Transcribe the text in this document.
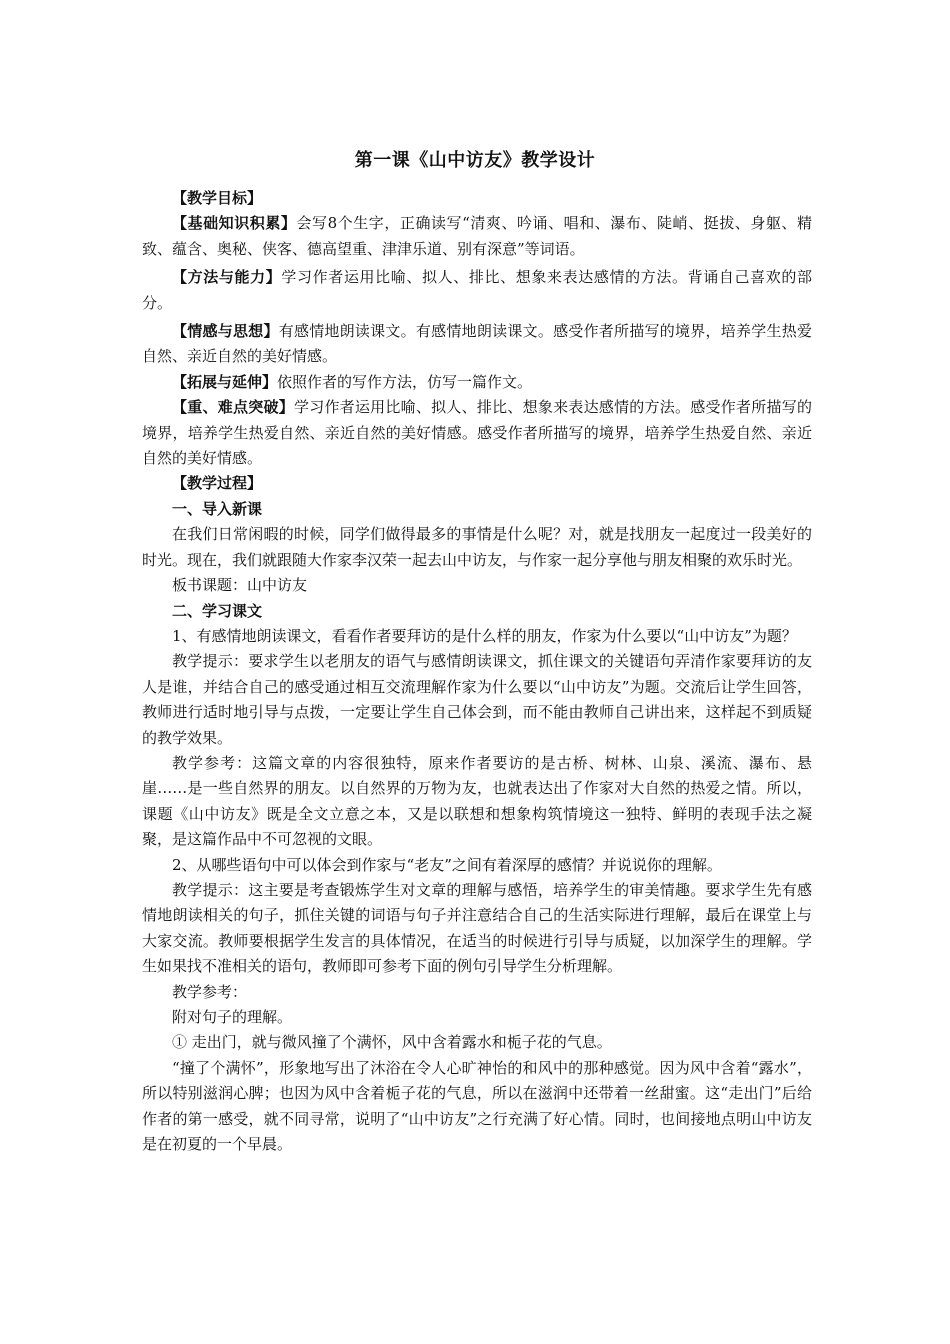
第一课《山中访友》教学设计

【教学目标】

【基础知识积累】会写8个生字，正确读写“清爽、吟诵、唱和、瀑布、陡峭、挺拔、身躯、精致、蕴含、奥秘、侠客、德高望重、津津乐道、别有深意”等词语。

【方法与能力】学习作者运用比喻、拟人、排比、想象来表达感情的方法。背诵自己喜欢的部分。

【情感与思想】有感情地朗读课文。有感情地朗读课文。感受作者所描写的境界，培养学生热爱自然、亲近自然的美好情感。

【拓展与延伸】依照作者的写作方法，仿写一篇作文。

【重、难点突破】学习作者运用比喻、拟人、排比、想象来表达感情的方法。感受作者所描写的境界，培养学生热爱自然、亲近自然的美好情感。感受作者所描写的境界，培养学生热爱自然、亲近自然的美好情感。

【教学过程】

一、导入新课

在我们日常闲暇的时候，同学们做得最多的事情是什么呢？对，就是找朋友一起度过一段美好的时光。现在，我们就跟随大作家李汉荣一起去山中访友，与作家一起分享他与朋友相聚的欢乐时光。

板书课题：山中访友

二、学习课文

1、有感情地朗读课文，看看作者要拜访的是什么样的朋友，作家为什么要以“山中访友”为题？

教学提示：要求学生以老朋友的语气与感情朗读课文，抓住课文的关键语句弄清作家要拜访的友人是谁，并结合自己的感受通过相互交流理解作家为什么要以“山中访友”为题。交流后让学生回答，教师进行适时地引导与点拨，一定要让学生自己体会到，而不能由教师自己讲出来，这样起不到质疑的教学效果。

教学参考：这篇文章的内容很独特，原来作者要访的是古桥、树林、山泉、溪流、瀑布、悬崖……是一些自然界的朋友。以自然界的万物为友，也就表达出了作家对大自然的热爱之情。所以，课题《山中访友》既是全文立意之本，又是以联想和想象构筑情境这一独特、鲜明的表现手法之凝聚，是这篇作品中不可忽视的文眼。

2、从哪些语句中可以体会到作家与“老友”之间有着深厚的感情？并说说你的理解。

教学提示：这主要是考查锻炼学生对文章的理解与感悟，培养学生的审美情趣。要求学生先有感情地朗读相关的句子，抓住关键的词语与句子并注意结合自己的生活实际进行理解，最后在课堂上与大家交流。教师要根据学生发言的具体情况，在适当的时候进行引导与质疑，以加深学生的理解。学生如果找不准相关的语句，教师即可参考下面的例句引导学生分析理解。

教学参考：

附对句子的理解。

① 走出门，就与微风撞了个满怀，风中含着露水和栀子花的气息。

“撞了个满怀”，形象地写出了沐浴在令人心旷神怡的和风中的那种感觉。因为风中含着“露水”，所以特别滋润心脾；也因为风中含着栀子花的气息，所以在滋润中还带着一丝甜蜜。这“走出门”后给作者的第一感受，就不同寻常，说明了“山中访友”之行充满了好心情。同时，也间接地点明山中访友是在初夏的一个早晨。
